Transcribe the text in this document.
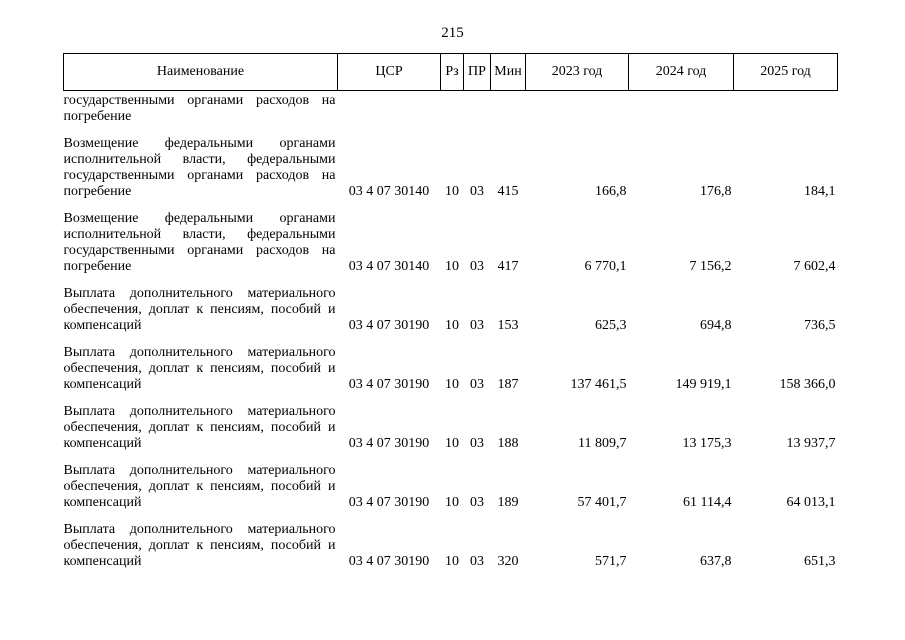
215
Наименование	ЦСР	Рз	ПР	Мин	2023 год	2024 год	2025 год
государственными органами расходов на погребение							

Возмещение федеральными органами исполнительной власти, федеральными государственными органами расходов на погребение	03 4 07 30140	10	03	415	166,8	176,8	184,1

Возмещение федеральными органами исполнительной власти, федеральными государственными органами расходов на погребение	03 4 07 30140	10	03	417	6 770,1	7 156,2	7 602,4

Выплата дополнительного материального обеспечения, доплат к пенсиям, пособий и компенсаций	03 4 07 30190	10	03	153	625,3	694,8	736,5

Выплата дополнительного материального обеспечения, доплат к пенсиям, пособий и компенсаций	03 4 07 30190	10	03	187	137 461,5	149 919,1	158 366,0

Выплата дополнительного материального обеспечения, доплат к пенсиям, пособий и компенсаций	03 4 07 30190	10	03	188	11 809,7	13 175,3	13 937,7

Выплата дополнительного материального обеспечения, доплат к пенсиям, пособий и компенсаций	03 4 07 30190	10	03	189	57 401,7	61 114,4	64 013,1

Выплата дополнительного материального обеспечения, доплат к пенсиям, пособий и компенсаций	03 4 07 30190	10	03	320	571,7	637,8	651,3
